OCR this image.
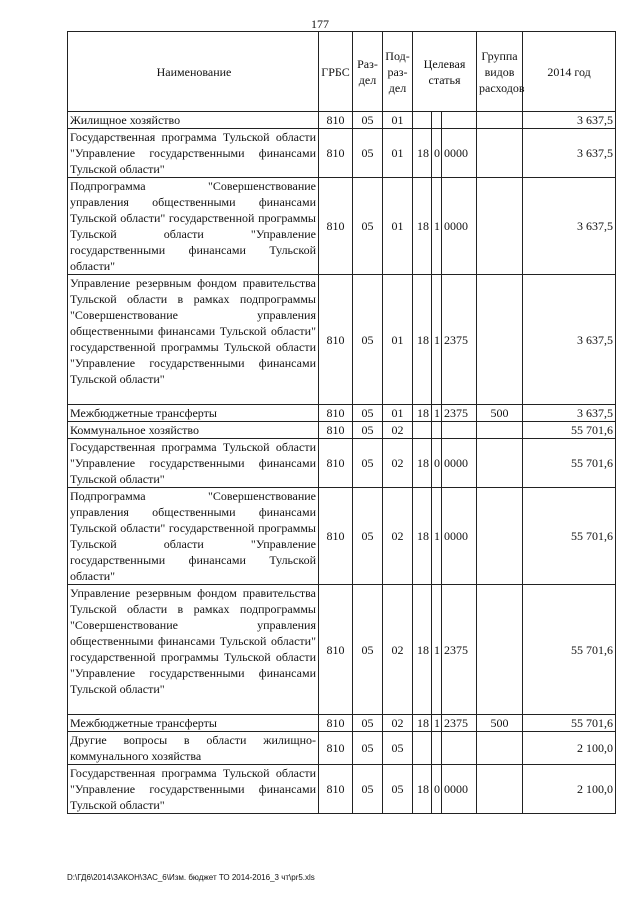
177
Наименование	ГРБС	Раз-дел	Под-раз-дел	Целевая статья			Группа видов расходов	2014 год
Жилищное хозяйство	810	05	01					3 637,5
Государственная программа Тульской области "Управление государственными финансами Тульской области"	810	05	01	18	0	0000		3 637,5
Подпрограмма "Совершенствование управления общественными финансами Тульской области" государственной программы Тульской области "Управление государственными финансами Тульской области"	810	05	01	18	1	0000		3 637,5
Управление резервным фондом правительства Тульской области в рамках подпрограммы "Совершенствование управления общественными финансами Тульской области" государственной программы Тульской области "Управление государственными финансами Тульской области"	810	05	01	18	1	2375		3 637,5
Межбюджетные трансферты	810	05	01	18	1	2375	500	3 637,5
Коммунальное хозяйство	810	05	02					55 701,6
Государственная программа Тульской области "Управление государственными финансами Тульской области"	810	05	02	18	0	0000		55 701,6
Подпрограмма "Совершенствование управления общественными финансами Тульской области" государственной программы Тульской области "Управление государственными финансами Тульской области"	810	05	02	18	1	0000		55 701,6
Управление резервным фондом правительства Тульской области в рамках подпрограммы "Совершенствование управления общественными финансами Тульской области" государственной программы Тульской области "Управление государственными финансами Тульской области"	810	05	02	18	1	2375		55 701,6
Межбюджетные трансферты	810	05	02	18	1	2375	500	55 701,6
Другие вопросы в области жилищно-коммунального хозяйства	810	05	05					2 100,0
Государственная программа Тульской области "Управление государственными финансами Тульской области"	810	05	05	18	0	0000		2 100,0
D:\ГД6\2014\ЗАКОН\ЗАС_6\Изм. бюджет ТО 2014-2016_3 чт\pr5.xls
